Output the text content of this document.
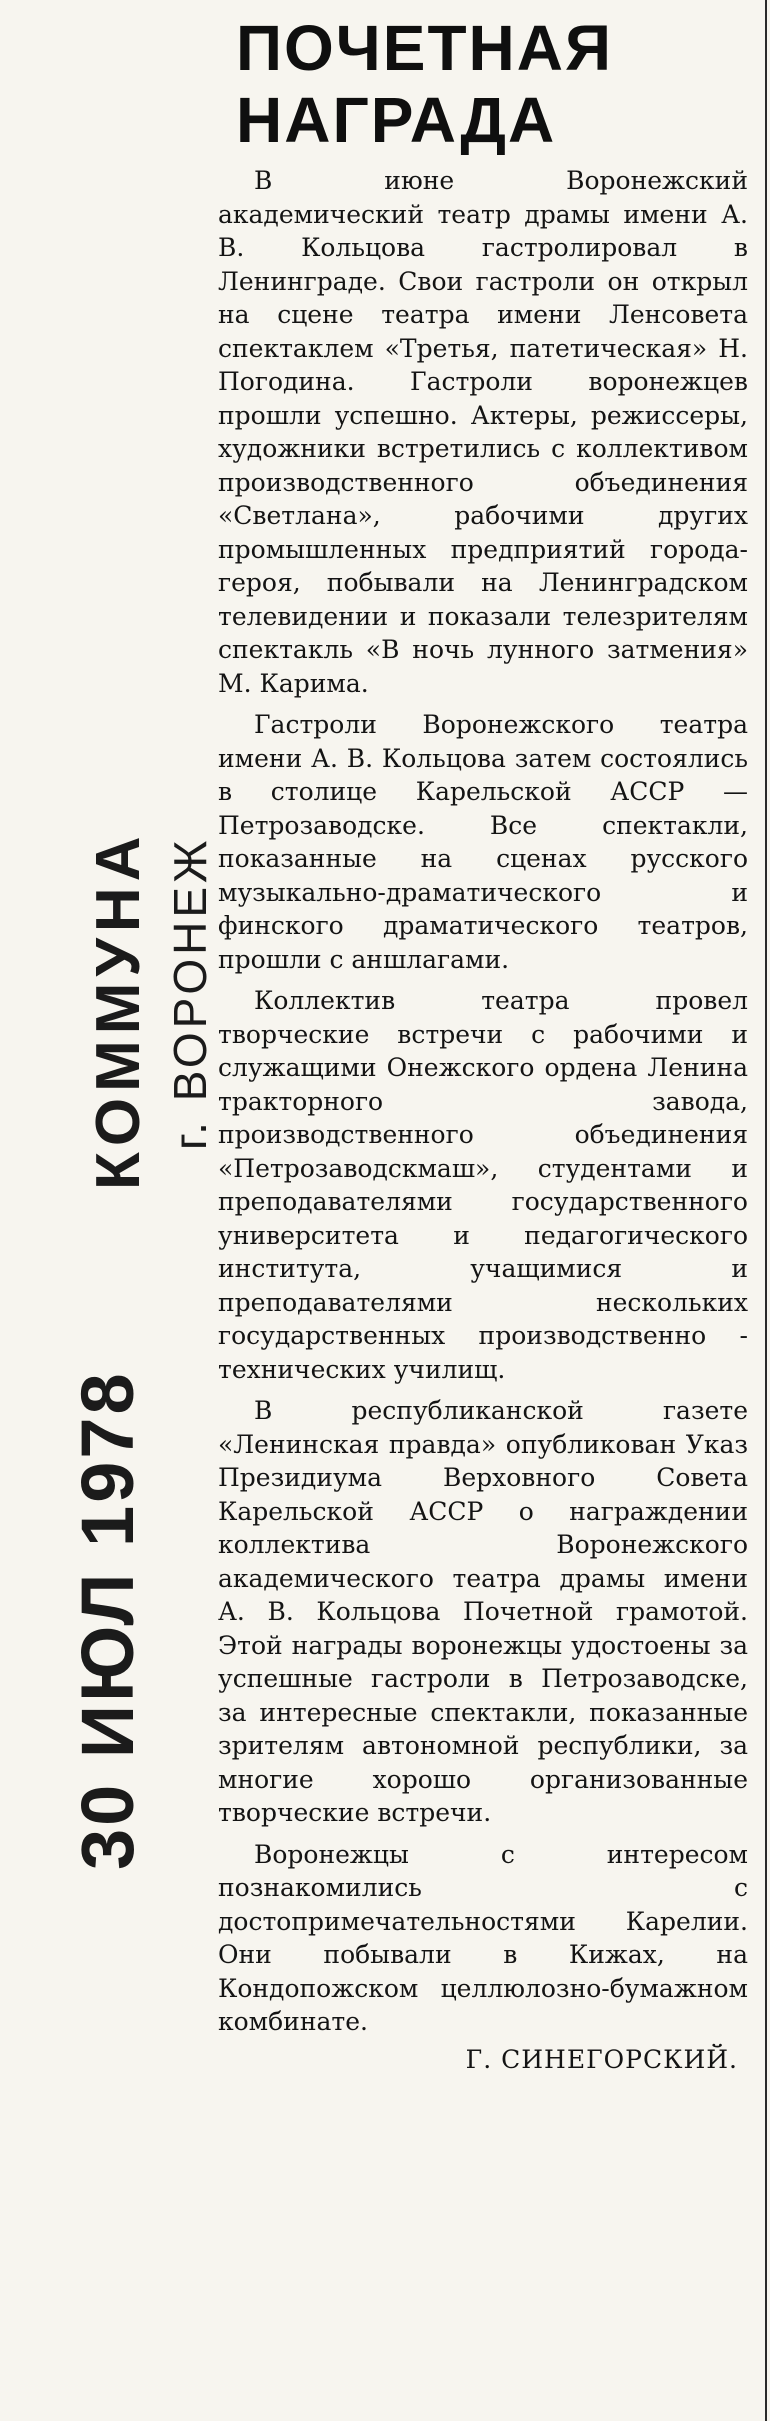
КОММУНА г. ВОРОНЕЖ
30 ИЮЛ 1978
ПОЧЕТНАЯ
НАГРАДА

В июне Воронежский академический театр драмы имени А. В. Кольцова гастролировал в Ленинграде. Свои гастроли он открыл на сцене театра имени Ленсовета спектаклем «Третья, патетическая» Н. Погодина. Гастроли воронежцев прошли успешно. Актеры, режиссеры, художники встретились с коллективом производственного объединения «Светлана», рабочими других промышленных предприятий города-героя, побывали на Ленинградском телевидении и показали телезрителям спектакль «В ночь лунного затмения» М. Карима.

Гастроли Воронежского театра имени А. В. Кольцова затем состоялись в столице Карельской АССР — Петрозаводске. Все спектакли, показанные на сценах русского музыкально-драматического и финского драматического театров, прошли с аншлагами.

Коллектив театра провел творческие встречи с рабочими и служащими Онежского ордена Ленина тракторного завода, производственного объединения «Петрозаводскмаш», студентами и преподавателями государственного университета и педагогического института, учащимися и преподавателями нескольких государственных производственно - технических училищ.

В республиканской газете «Ленинская правда» опубликован Указ Президиума Верховного Совета Карельской АССР о награждении коллектива Воронежского академического театра драмы имени А. В. Кольцова Почетной грамотой. Этой награды воронежцы удостоены за успешные гастроли в Петрозаводске, за интересные спектакли, показанные зрителям автономной республики, за многие хорошо организованные творческие встречи.

Воронежцы с интересом познакомились с достопримечательностями Карелии. Они побывали в Кижах, на Кондопожском целлюлозно-бумажном комбинате.

Г. СИНЕГОРСКИЙ.
